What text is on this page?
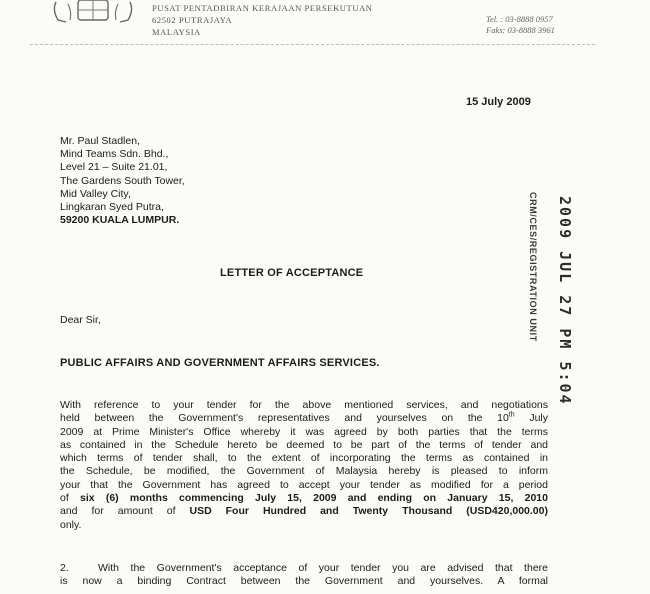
PUSAT PENTADBIRAN KERAJAAN PERSEKUTUAN
62502 PUTRAJAYA
MALAYSIA
Tel. : 03-8888 0957
Faks: 03-8888 3961
15 July 2009
Mr. Paul Stadlen,
Mind Teams Sdn. Bhd.,
Level 21 – Suite 21.01,
The Gardens South Tower,
Mid Valley City,
Lingkaran Syed Putra,
59200 KUALA LUMPUR.	CRM/CES/REGISTRATION UNIT 2009 JUL 27 PM 5:04
LETTER OF ACCEPTANCE
Dear Sir,
PUBLIC AFFAIRS AND GOVERNMENT AFFAIRS SERVICES.
With reference to your tender for the above mentioned services, and negotiations
held between the Government's representatives and yourselves on the 10th July
2009 at Prime Minister's Office whereby it was agreed by both parties that the terms
as contained in the Schedule hereto be deemed to be part of the terms of tender and
which terms of tender shall, to the extent of incorporating the terms as contained in
the Schedule, be modified, the Government of Malaysia hereby is pleased to inform
your that the Government has agreed to accept your tender as modified for a period
of six (6) months commencing July 15, 2009 and ending on January 15, 2010
and for amount of USD Four Hundred and Twenty Thousand (USD420,000.00)
only.
2.	With the Government's acceptance of your tender you are advised that there
is now a binding Contract between the Government and yourselves. A formal
